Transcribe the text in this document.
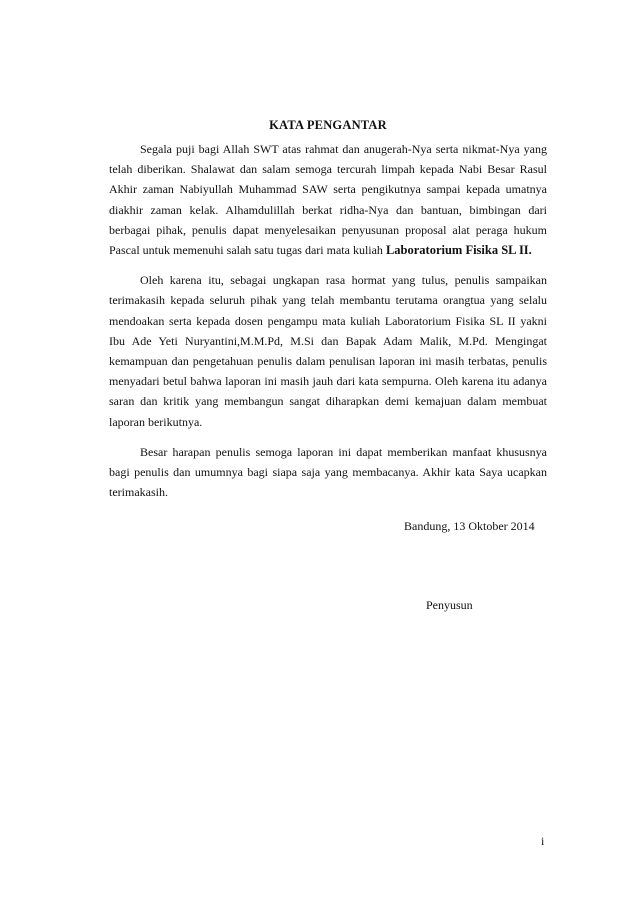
KATA PENGANTAR

Segala puji bagi Allah SWT atas rahmat dan anugerah-Nya serta nikmat-Nya yang telah diberikan. Shalawat dan salam semoga tercurah limpah kepada Nabi Besar Rasul Akhir zaman Nabiyullah Muhammad SAW serta pengikutnya sampai kepada umatnya diakhir zaman kelak. Alhamdulillah berkat ridha-Nya dan bantuan, bimbingan dari berbagai pihak, penulis dapat menyelesaikan penyusunan proposal alat peraga hukum Pascal untuk memenuhi salah satu tugas dari mata kuliah Laboratorium Fisika SL II.

Oleh karena itu, sebagai ungkapan rasa hormat yang tulus, penulis sampaikan terimakasih kepada seluruh pihak yang telah membantu terutama orangtua yang selalu mendoakan serta kepada dosen pengampu mata kuliah Laboratorium Fisika SL II yakni Ibu Ade Yeti Nuryantini,M.M.Pd, M.Si dan Bapak Adam Malik, M.Pd. Mengingat kemampuan dan pengetahuan penulis dalam penulisan laporan ini masih terbatas, penulis menyadari betul bahwa laporan ini masih jauh dari kata sempurna. Oleh karena itu adanya saran dan kritik yang membangun sangat diharapkan demi kemajuan dalam membuat laporan berikutnya.

Besar harapan penulis semoga laporan ini dapat memberikan manfaat khususnya bagi penulis dan umumnya bagi siapa saja yang membacanya. Akhir kata Saya ucapkan terimakasih.

Bandung, 13 Oktober 2014
Penyusun
i
